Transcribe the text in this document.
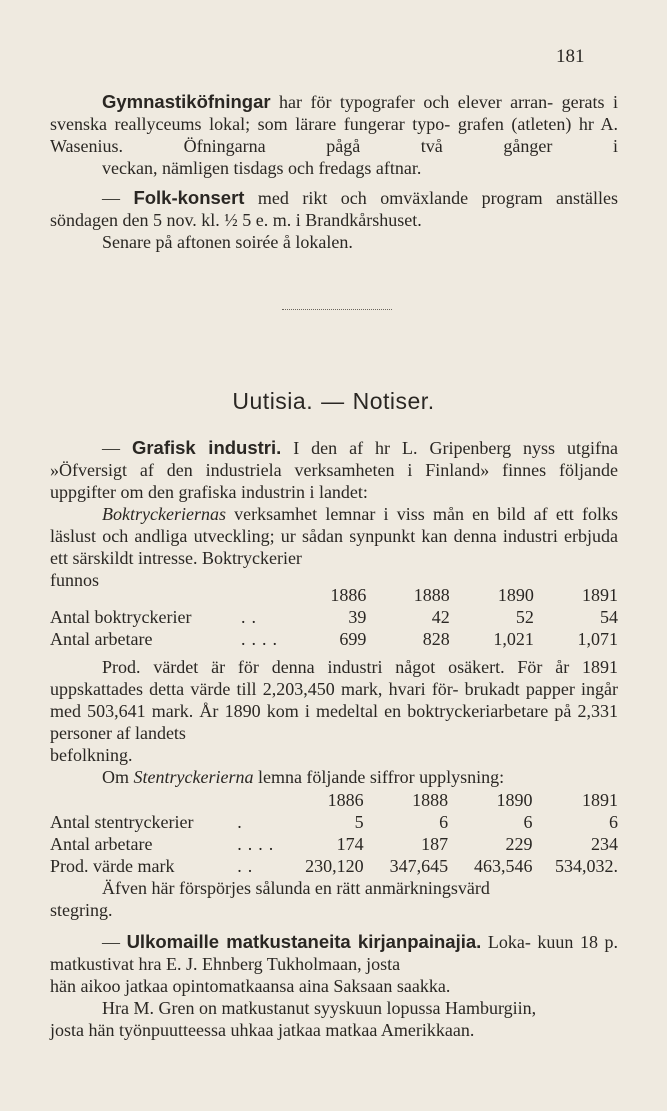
181

Gymnastiköfningar har för typografer och elever arran- gerats i svenska reallyceums lokal; som lärare fungerar typo- grafen (atleten) hr A. Wasenius. Öfningarna pågå två gånger i veckan, nämligen tisdags och fredags aftnar.

— Folk-konsert med rikt och omväxlande program anställes söndagen den 5 nov. kl. ½ 5 e. m. i Brandkårshuset.

Senare på aftonen soirée å lokalen.

Uutisia. — Notiser.

— Grafisk industri. I den af hr L. Gripenberg nyss utgifna »Öfversigt af den industriela verksamheten i Finland» finnes följande uppgifter om den grafiska industrin i landet:

Boktryckeriernas verksamhet lemnar i viss mån en bild af ett folks läslust och andliga utveckling; ur sådan synpunkt kan denna industri erbjuda ett särskildt intresse. Boktryckerier

funnos

		1886	1888	1890	1891
Antal boktryckerier	..	39	42	52	54
Antal arbetare	....	699	828	1,021	1,071

Prod. värdet är för denna industri något osäkert. För år 1891 uppskattades detta värde till 2,203,450 mark, hvari för- brukadt papper ingår med 503,641 mark. År 1890 kom i medeltal en boktryckeriarbetare på 2,331 personer af landets

befolkning.

Om Stentryckerierna lemna följande siffror upplysning:

		1886	1888	1890	1891
Antal stentryckerier	.	5	6	6	6
Antal arbetare	....	174	187	229	234
Prod. värde mark	..	230,120	347,645	463,546	534,032.

Äfven här förspörjes sålunda en rätt anmärkningsvärd

stegring.

— Ulkomaille matkustaneita kirjanpainajia. Loka- kuun 18 p. matkustivat hra E. J. Ehnberg Tukholmaan, josta

hän aikoo jatkaa opintomatkaansa aina Saksaan saakka.

Hra M. Gren on matkustanut syyskuun lopussa Hamburgiin,

josta hän työnpuutteessa uhkaa jatkaa matkaa Amerikkaan.
